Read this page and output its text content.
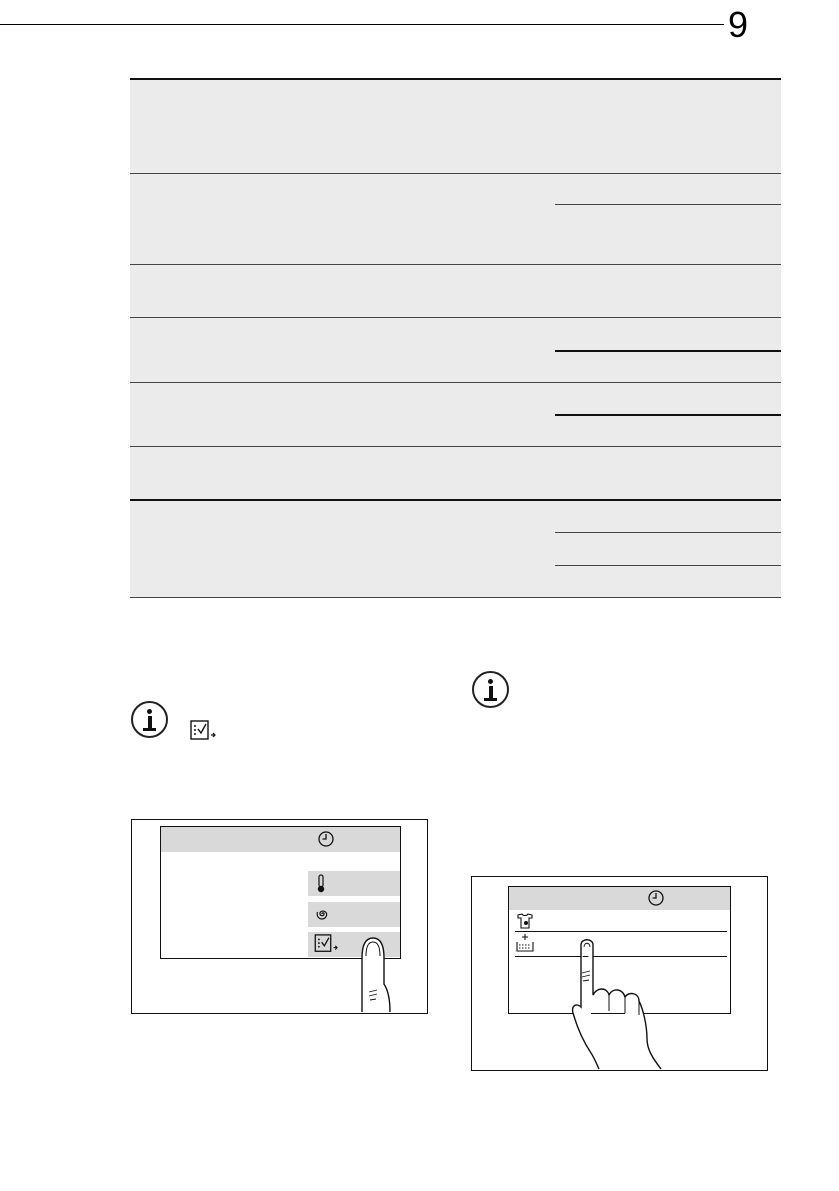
9
